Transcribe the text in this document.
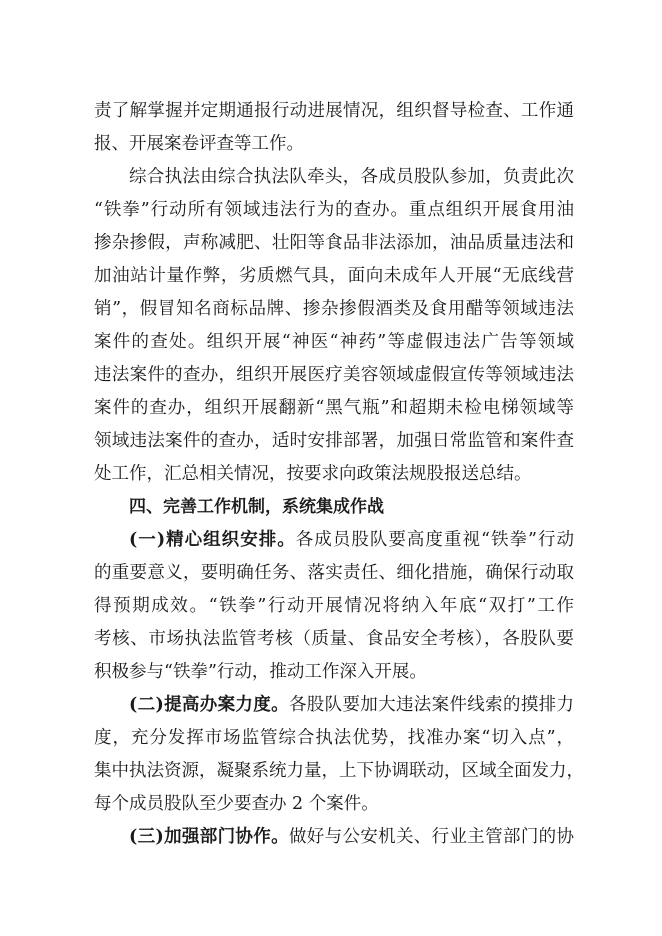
责了解掌握并定期通报行动进展情况，组织督导检查、工作通
报、开展案卷评查等工作。
综合执法由综合执法队牵头，各成员股队参加，负责此次
“铁拳”行动所有领域违法行为的查办。重点组织开展食用油
掺杂掺假，声称减肥、壮阳等食品非法添加，油品质量违法和
加油站计量作弊，劣质燃气具，面向未成年人开展“无底线营
销”，假冒知名商标品牌、掺杂掺假酒类及食用醋等领域违法
案件的查处。组织开展“神医“神药”等虚假违法广告等领域
违法案件的查办，组织开展医疗美容领域虚假宣传等领域违法
案件的查办，组织开展翻新“黑气瓶”和超期未检电梯领域等
领域违法案件的查办，适时安排部署，加强日常监管和案件查
处工作，汇总相关情况，按要求向政策法规股报送总结。
四、完善工作机制，系统集成作战
(一)精心组织安排。各成员股队要高度重视“铁拳”行动
的重要意义，要明确任务、落实责任、细化措施，确保行动取
得预期成效。“铁拳”行动开展情况将纳入年底“双打”工作
考核、市场执法监管考核（质量、食品安全考核），各股队要
积极参与“铁拳”行动，推动工作深入开展。
(二)提高办案力度。各股队要加大违法案件线索的摸排力
度，充分发挥市场监管综合执法优势，找准办案“切入点”，
集中执法资源，凝聚系统力量，上下协调联动，区域全面发力，
每个成员股队至少要查办 2 个案件。
(三)加强部门协作。做好与公安机关、行业主管部门的协
